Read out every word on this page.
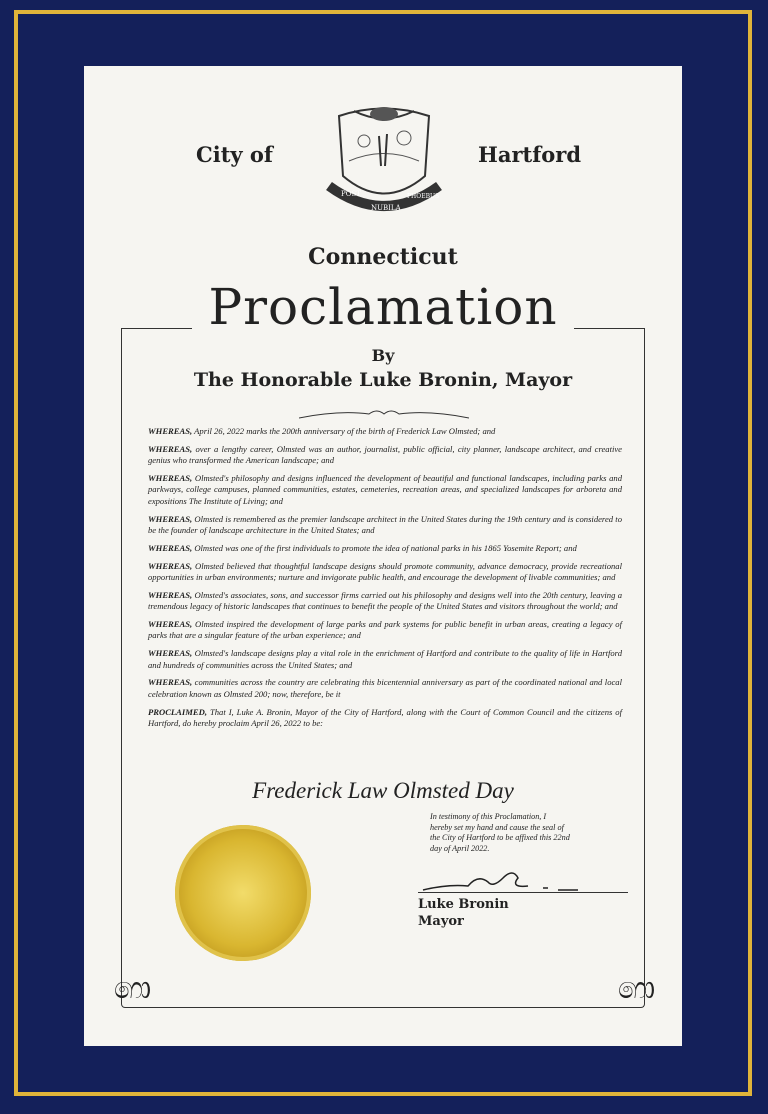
City of
POST
NUBILA
PHOEBUS
Hartford
Connecticut
Proclamation
By
The Honorable Luke Bronin, Mayor

WHEREAS, April 26, 2022 marks the 200th anniversary of the birth of Frederick Law Olmsted; and

WHEREAS, over a lengthy career, Olmsted was an author, journalist, public official, city planner, landscape architect, and creative genius who transformed the American landscape; and

WHEREAS, Olmsted's philosophy and designs influenced the development of beautiful and functional landscapes, including parks and parkways, college campuses, planned communities, estates, cemeteries, recreation areas, and specialized landscapes for arboreta and expositions The Institute of Living; and

WHEREAS, Olmsted is remembered as the premier landscape architect in the United States during the 19th century and is considered to be the founder of landscape architecture in the United States; and

WHEREAS, Olmsted was one of the first individuals to promote the idea of national parks in his 1865 Yosemite Report; and

WHEREAS, Olmsted believed that thoughtful landscape designs should promote community, advance democracy, provide recreational opportunities in urban environments; nurture and invigorate public health, and encourage the development of livable communities; and

WHEREAS, Olmsted's associates, sons, and successor firms carried out his philosophy and designs well into the 20th century, leaving a tremendous legacy of historic landscapes that continues to benefit the people of the United States and visitors throughout the world; and

WHEREAS, Olmsted inspired the development of large parks and park systems for public benefit in urban areas, creating a legacy of parks that are a singular feature of the urban experience; and

WHEREAS, Olmsted's landscape designs play a vital role in the enrichment of Hartford and contribute to the quality of life in Hartford and hundreds of communities across the United States; and

WHEREAS, communities across the country are celebrating this bicentennial anniversary as part of the coordinated national and local celebration known as Olmsted 200; now, therefore, be it

PROCLAIMED, That I, Luke A. Bronin, Mayor of the City of Hartford, along with the Court of Common Council and the citizens of Hartford, do hereby proclaim April 26, 2022 to be:

Frederick Law Olmsted Day
In testimony of this Proclamation, I hereby set my hand and cause the seal of the City of Hartford to be affixed this 22nd day of April 2022.
Luke Bronin
Mayor
෩	෩
